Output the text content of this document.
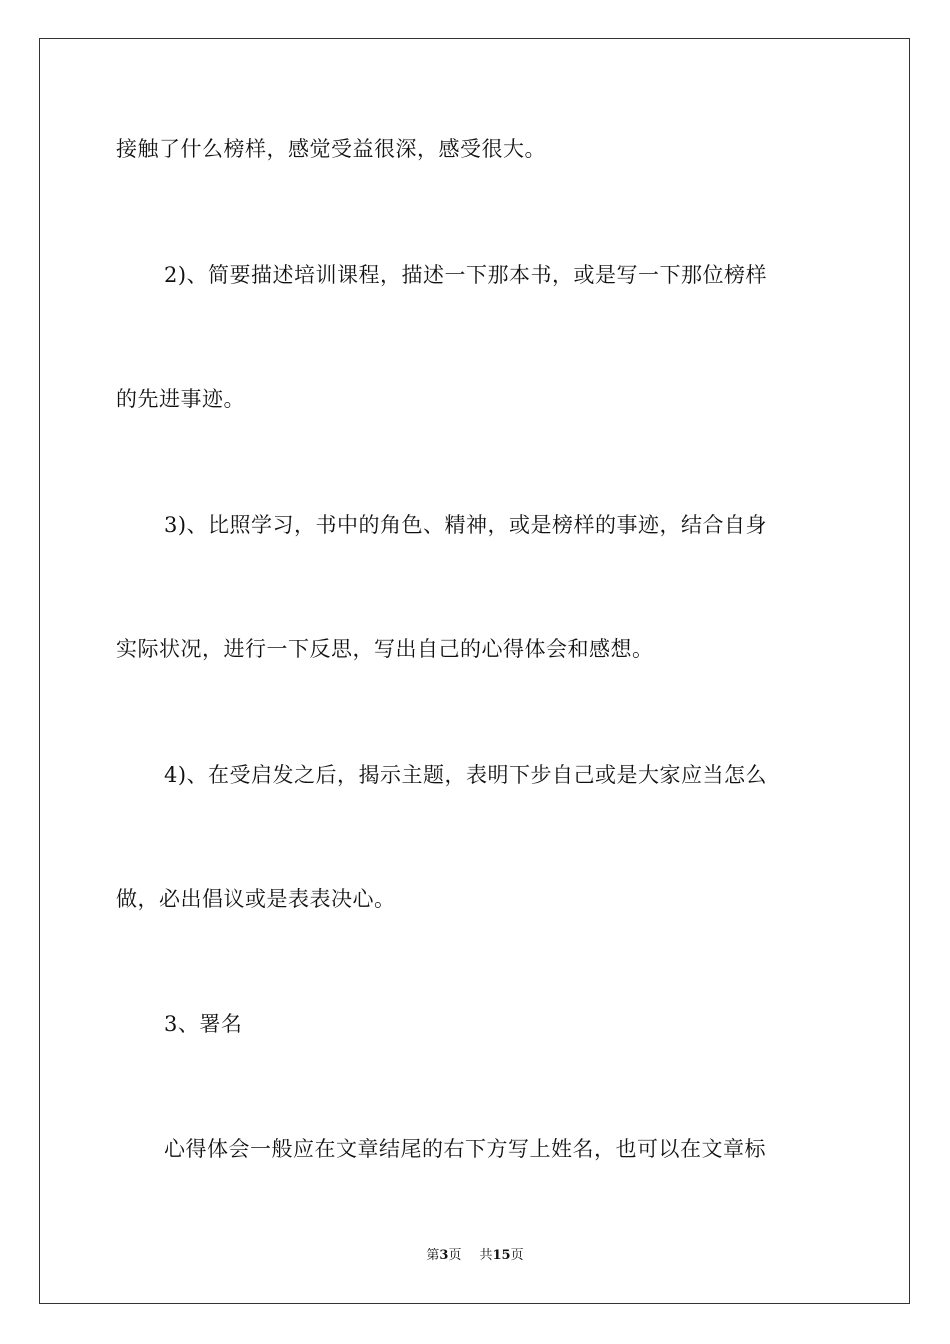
接触了什么榜样，感觉受益很深，感受很大。
2)、简要描述培训课程，描述一下那本书，或是写一下那位榜样
的先进事迹。
3)、比照学习，书中的角色、精神，或是榜样的事迹，结合自身
实际状况，进行一下反思，写出自己的心得体会和感想。
4)、在受启发之后，揭示主题，表明下步自己或是大家应当怎么
做，必出倡议或是表表决心。
3、署名
心得体会一般应在文章结尾的右下方写上姓名，也可以在文章标
第3页 共15页
